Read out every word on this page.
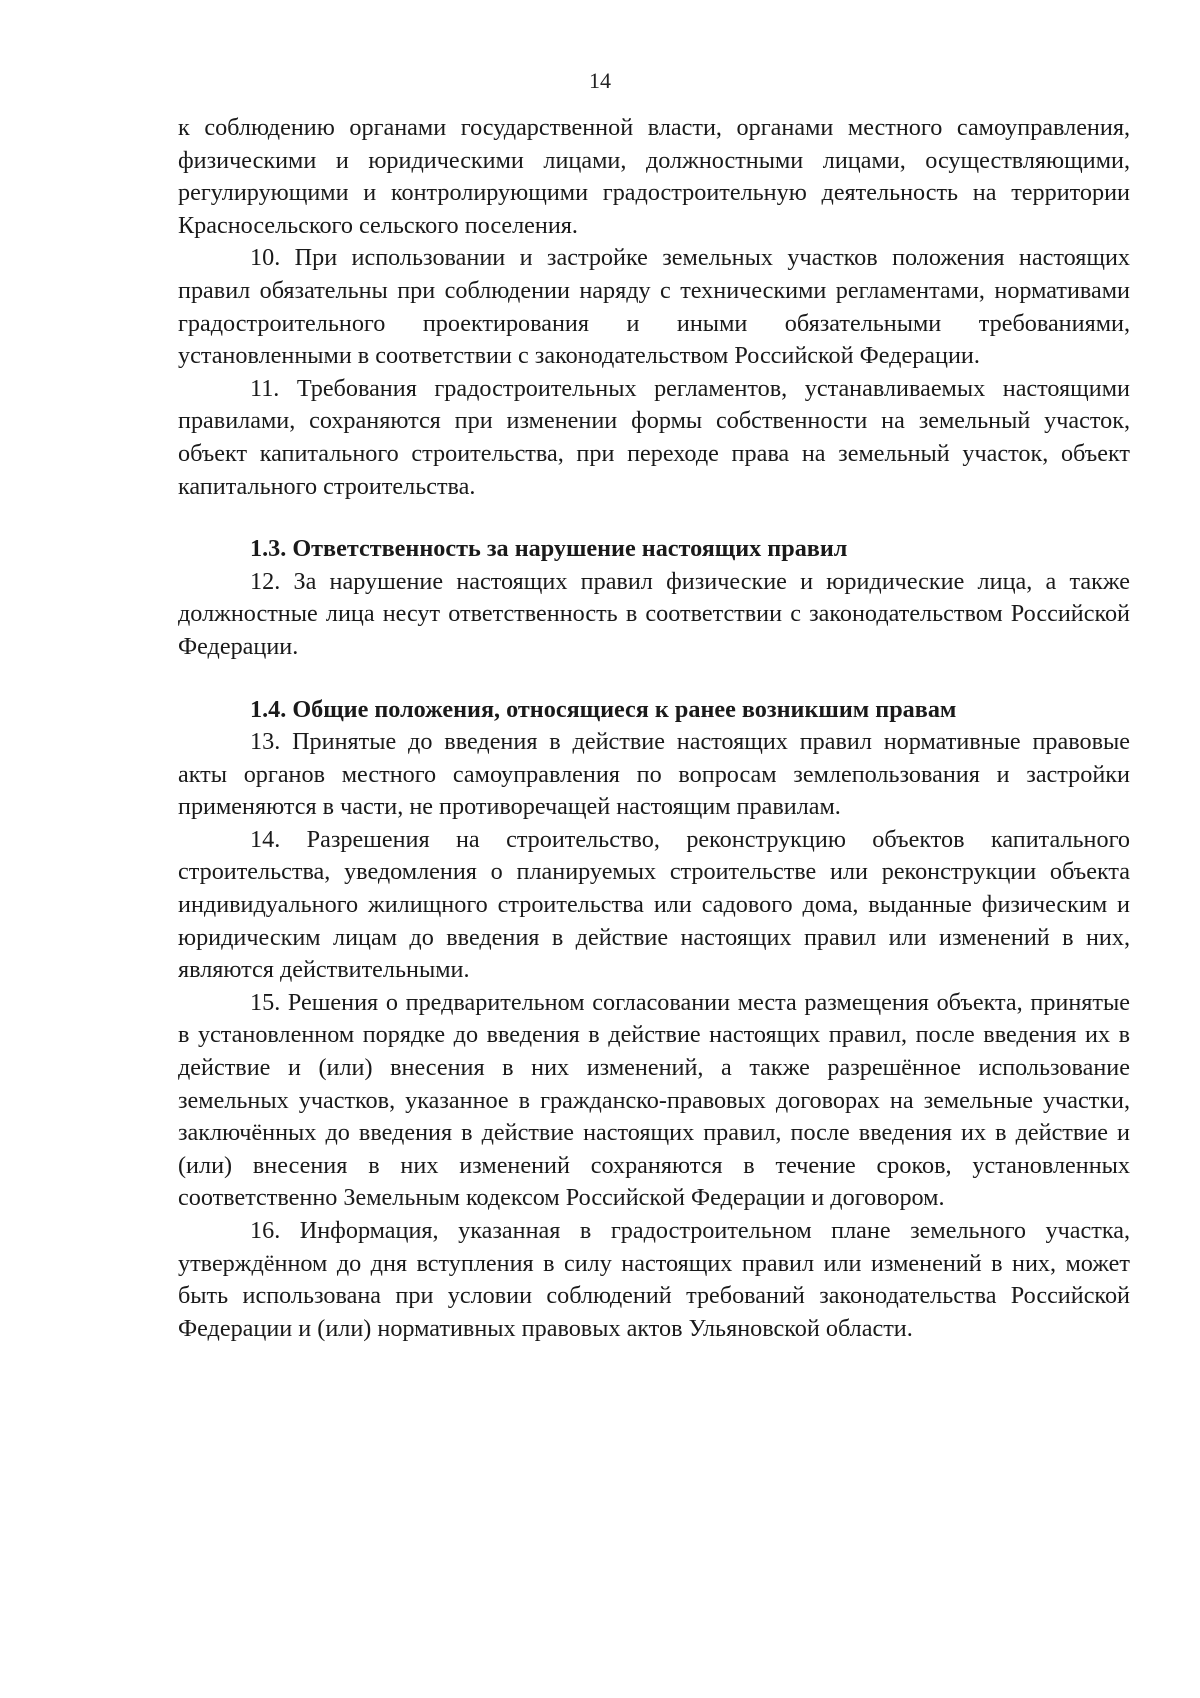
14

к соблюдению органами государственной власти, органами местного самоуправления, физическими и юридическими лицами, должностными лицами, осуществляющими, регулирующими и контролирующими градостроительную деятельность на территории Красносельского сельского поселения.

10. При использовании и застройке земельных участков положения настоящих правил обязательны при соблюдении наряду с техническими регламентами, нормативами градостроительного проектирования и иными обязательными требованиями, установленными в соответствии с законодательством Российской Федерации.

11. Требования градостроительных регламентов, устанавливаемых настоящими правилами, сохраняются при изменении формы собственности на земельный участок, объект капитального строительства, при переходе права на земельный участок, объект капитального строительства.

1.3. Ответственность за нарушение настоящих правил

12. За нарушение настоящих правил физические и юридические лица, а также должностные лица несут ответственность в соответствии с законодательством Российской Федерации.

1.4. Общие положения, относящиеся к ранее возникшим правам

13. Принятые до введения в действие настоящих правил нормативные правовые акты органов местного самоуправления по вопросам землепользования и застройки применяются в части, не противоречащей настоящим правилам.

14. Разрешения на строительство, реконструкцию объектов капитального строительства, уведомления о планируемых строительстве или реконструкции объекта индивидуального жилищного строительства или садового дома, выданные физическим и юридическим лицам до введения в действие настоящих правил или изменений в них, являются действительными.

15. Решения о предварительном согласовании места размещения объекта, принятые в установленном порядке до введения в действие настоящих правил, после введения их в действие и (или) внесения в них изменений, а также разрешённое использование земельных участков, указанное в гражданско-правовых договорах на земельные участки, заключённых до введения в действие настоящих правил, после введения их в действие и (или) внесения в них изменений сохраняются в течение сроков, установленных соответственно Земельным кодексом Российской Федерации и договором.

16. Информация, указанная в градостроительном плане земельного участка, утверждённом до дня вступления в силу настоящих правил или изменений в них, может быть использована при условии соблюдений требований законодательства Российской Федерации и (или) нормативных правовых актов Ульяновской области.
